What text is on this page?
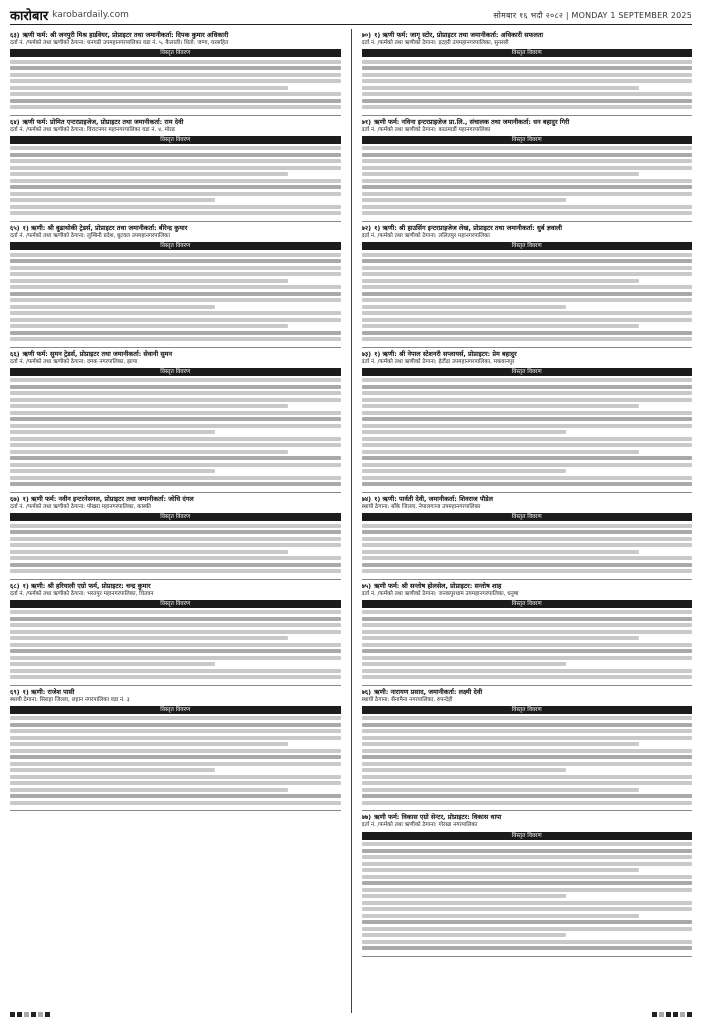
कारोबार karobardaily.com	सोमबार १६ भदौ २०८२ | MONDAY 1 SEPTEMBER 2025
६३) ऋणी फर्म: श्री जनपुरी मिश्र हार्डवेयर, प्रोप्राइटर तथा जमानीकर्ता: दिपक कुमार अधिकारी
दर्ता नं. /फर्मको तथा ऋणीको ठेगाना: धनगढी उपमहानगरपालिका वडा नं. ५, कैलाली। धितो: जग्गा, घरसहित
विस्तृत विवरण
६४) ऋणी फर्म: प्रोमित एन्टरप्राइजेज, प्रोप्राइटर तथा जमानीकर्ता: राम देवी
दर्ता नं. /फर्मको तथा ऋणीको ठेगाना: विराटनगर महानगरपालिका वडा नं. ४, मोरङ
विस्तृत विवरण
६५) १) ऋणी: श्री बुढाथोकी ट्रेडर्स, प्रोप्राइटर तथा जमानीकर्ता: बीरेन्द्र कुमार
दर्ता नं. /फर्मको तथा ऋणीको ठेगाना: लुम्बिनी प्रदेश, बुटवल उपमहानगरपालिका
विस्तृत विवरण
६६) ऋणी फर्म: सुमन ट्रेडर्स, प्रोप्राइटर तथा जमानीकर्ता: सेवानी सुमन
दर्ता नं. /फर्मको तथा ऋणीको ठेगाना: दमक नगरपालिका, झापा
विस्तृत विवरण
६७) १) ऋणी फर्म: नवीन इन्टरनेसनल, प्रोप्राइटर तथा जमानीकर्ता: जोधि दंगल
दर्ता नं. /फर्मको तथा ऋणीको ठेगाना: पोखरा महानगरपालिका, कास्की
विस्तृत विवरण
६८) १) ऋणी: श्री हरियाली एग्रो फर्म, प्रोप्राइटर: चन्द्र कुमार
दर्ता नं. /फर्मको तथा ऋणीको ठेगाना: भरतपुर महानगरपालिका, चितवन
विस्तृत विवरण
६९) १) ऋणी: राजेश पासी
स्थायी ठेगाना: सिराहा जिल्ला, लहान नगरपालिका वडा नं. ३
विस्तृत विवरण
७०) १) ऋणी फर्म: जागृ स्टोर, प्रोप्राइटर तथा जमानीकर्ता: अधिकारी सफलता
दर्ता नं. /फर्मको तथा ऋणीको ठेगाना: इटहरी उपमहानगरपालिका, सुनसरी
विस्तृत विवरण
७१) ऋणी फर्म: नविना इन्टरप्राइजेज प्रा.लि., संचालक तथा जमानीकर्ता: धन बहादुर गिरी
दर्ता नं. /फर्मको तथा ऋणीको ठेगाना: काठमाडौं महानगरपालिका
विस्तृत विवरण
७२) १) ऋणी: श्री हाउसिंग इन्टरप्राइजेज लेख, प्रोप्राइटर तथा जमानीकर्ता: धुर्ब ज्ञवाली
दर्ता नं. /फर्मको तथा ऋणीको ठेगाना: ललितपुर महानगरपालिका
विस्तृत विवरण
७३) १) ऋणी: श्री नेपाल स्टेशनरी सप्लायर्स, प्रोप्राइटर: प्रेम बहादुर
दर्ता नं. /फर्मको तथा ऋणीको ठेगाना: हेटौंडा उपमहानगरपालिका, मकवानपुर
विस्तृत विवरण
७४) १) ऋणी: पार्वती देवी, जमानीकर्ता: शिवराज पौडेल
स्थायी ठेगाना: बाँके जिल्ला, नेपालगञ्ज उपमहानगरपालिका
विस्तृत विवरण
७५) ऋणी फर्म: श्री सन्तोष होलसेल, प्रोप्राइटर: सन्तोष शाह
दर्ता नं. /फर्मको तथा ऋणीको ठेगाना: जनकपुरधाम उपमहानगरपालिका, धनुषा
विस्तृत विवरण
७६) ऋणी: नारायण प्रसाद, जमानीकर्ता: लक्ष्मी देवी
स्थायी ठेगाना: सैनामैना नगरपालिका, रुपन्देही
विस्तृत विवरण
७७) ऋणी फर्म: विकास एग्रो सेन्टर, प्रोप्राइटर: विकास थापा
दर्ता नं. /फर्मको तथा ऋणीको ठेगाना: गोरखा नगरपालिका
विस्तृत विवरण
